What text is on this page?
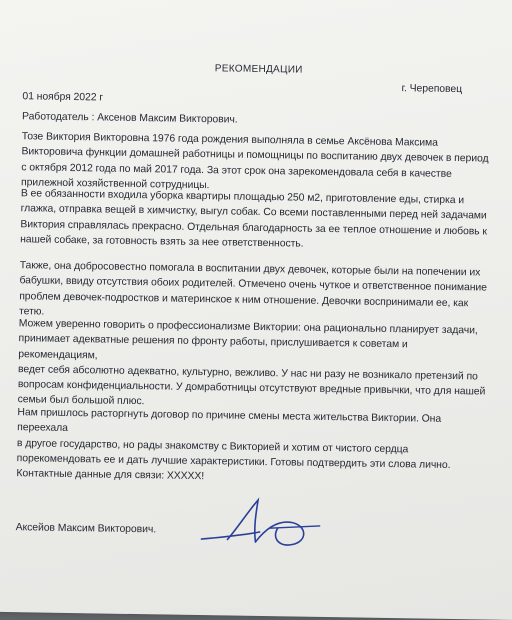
РЕКОМЕНДАЦИИ
г. Череповец
01 ноября 2022 г
Работодатель : Аксенов Максим Викторович.

Тозе Виктория Викторовна 1976 года рождения выполняла в семье Аксёнова Максима
Викторовича функции домашней работницы и помощницы по воспитанию двух девочек в период
с октября 2012 года по май 2017 года. За этот срок она зарекомендовала себя в качестве
прилежной хозяйственной сотрудницы.

В ее обязанности входила уборка квартиры площадью 250 м2, приготовление еды, стирка и
глажка, отправка вещей в химчистку, выгул собак. Со всеми поставленными перед ней задачами
Виктория справлялась прекрасно. Отдельная благодарность за ее теплое отношение и любовь к
нашей собаке, за готовность взять за нее ответственность.

Также, она добросовестно помогала в воспитании двух девочек, которые были на попечении их
бабушки, ввиду отсутствия обоих родителей. Отмечено очень чуткое и ответственное понимание
проблем девочек-подростков и материнское к ним отношение. Девочки воспринимали ее, как
тетю.

Можем уверенно говорить о профессионализме Виктории: она рационально планирует задачи,
принимает адекватные решения по фронту работы, прислушивается к советам и рекомендациям,
ведет себя абсолютно адекватно, культурно, вежливо. У нас ни разу не возникало претензий по
вопросам конфиденциальности. У домработницы отсутствуют вредные привычки, что для нашей
семьи был большой плюс.

Нам пришлось расторгнуть договор по причине смены места жительства Виктории. Она переехала
в другое государство, но рады знакомству с Викторией и хотим от чистого сердца
порекомендовать ее и дать лучшие характеристики. Готовы подтвердить эти слова лично.
Контактные данные для связи: XXXXX!

Аксейов Максим Викторович.
